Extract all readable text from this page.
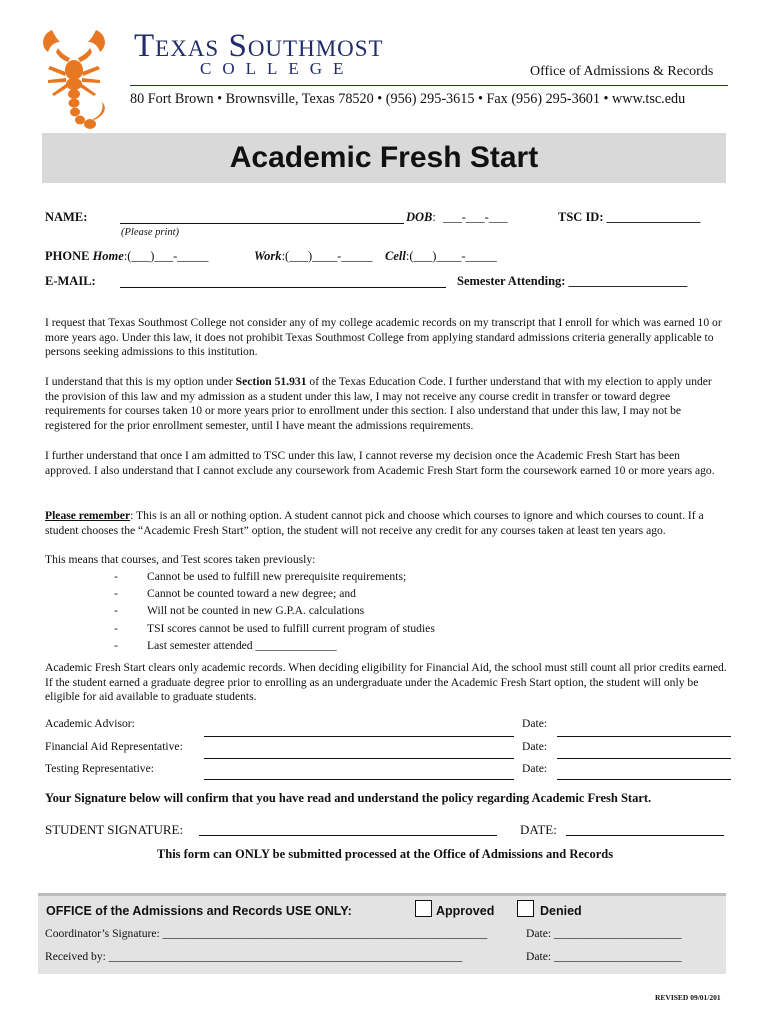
Texas Southmost
COLLEGE	Office of Admissions & Records
80 Fort Brown • Brownsville, Texas 78520 • (956) 295-3615 • Fax (956) 295-3601 • www.tsc.edu
Academic Fresh Start
NAME:
(Please print)
DOB: ___-___-___	TSC ID: _______________
PHONE Home:(___)___-_____	Work:(___)____-_____ Cell:(___)____-_____
E-MAIL:	Semester Attending: ___________________
I request that Texas Southmost College not consider any of my college academic records on my transcript that I enroll for which was earned 10 or more years ago. Under this law, it does not prohibit Texas Southmost College from applying standard admissions criteria generally applicable to persons seeking admissions to this institution.
I understand that this is my option under Section 51.931 of the Texas Education Code. I further understand that with my election to apply under the provision of this law and my admission as a student under this law, I may not receive any course credit in transfer or toward degree requirements for courses taken 10 or more years prior to enrollment under this section. I also understand that under this law, I may not be registered for the prior enrollment semester, until I have meant the admissions requirements.
I further understand that once I am admitted to TSC under this law, I cannot reverse my decision once the Academic Fresh Start has been approved. I also understand that I cannot exclude any coursework from Academic Fresh Start form the coursework earned 10 or more years ago.
Please remember: This is an all or nothing option. A student cannot pick and choose which courses to ignore and which courses to count. If a student chooses the “Academic Fresh Start” option, the student will not receive any credit for any courses taken at least ten years ago.
This means that courses, and Test scores taken previously:
-	Cannot be used to fulfill new prerequisite requirements;
-	Cannot be counted toward a new degree; and
-	Will not be counted in new G.P.A. calculations
-	TSI scores cannot be used to fulfill current program of studies
-	Last semester attended ______________
Academic Fresh Start clears only academic records. When deciding eligibility for Financial Aid, the school must still count all prior credits earned. If the student earned a graduate degree prior to enrolling as an undergraduate under the Academic Fresh Start option, the student will only be eligible for aid available to graduate students.
Academic Advisor:	Date:
Financial Aid Representative:	Date:
Testing Representative:	Date:
Your Signature below will confirm that you have read and understand the policy regarding Academic Fresh Start.
STUDENT SIGNATURE:	DATE:
This form can ONLY be submitted processed at the Office of Admissions and Records
OFFICE of the Admissions and Records USE ONLY:	Approved	Denied
Coordinator’s Signature: ________________________________________________________	Date: ______________________
Received by: _____________________________________________________________	Date: ______________________
REVISED 09/01/201
